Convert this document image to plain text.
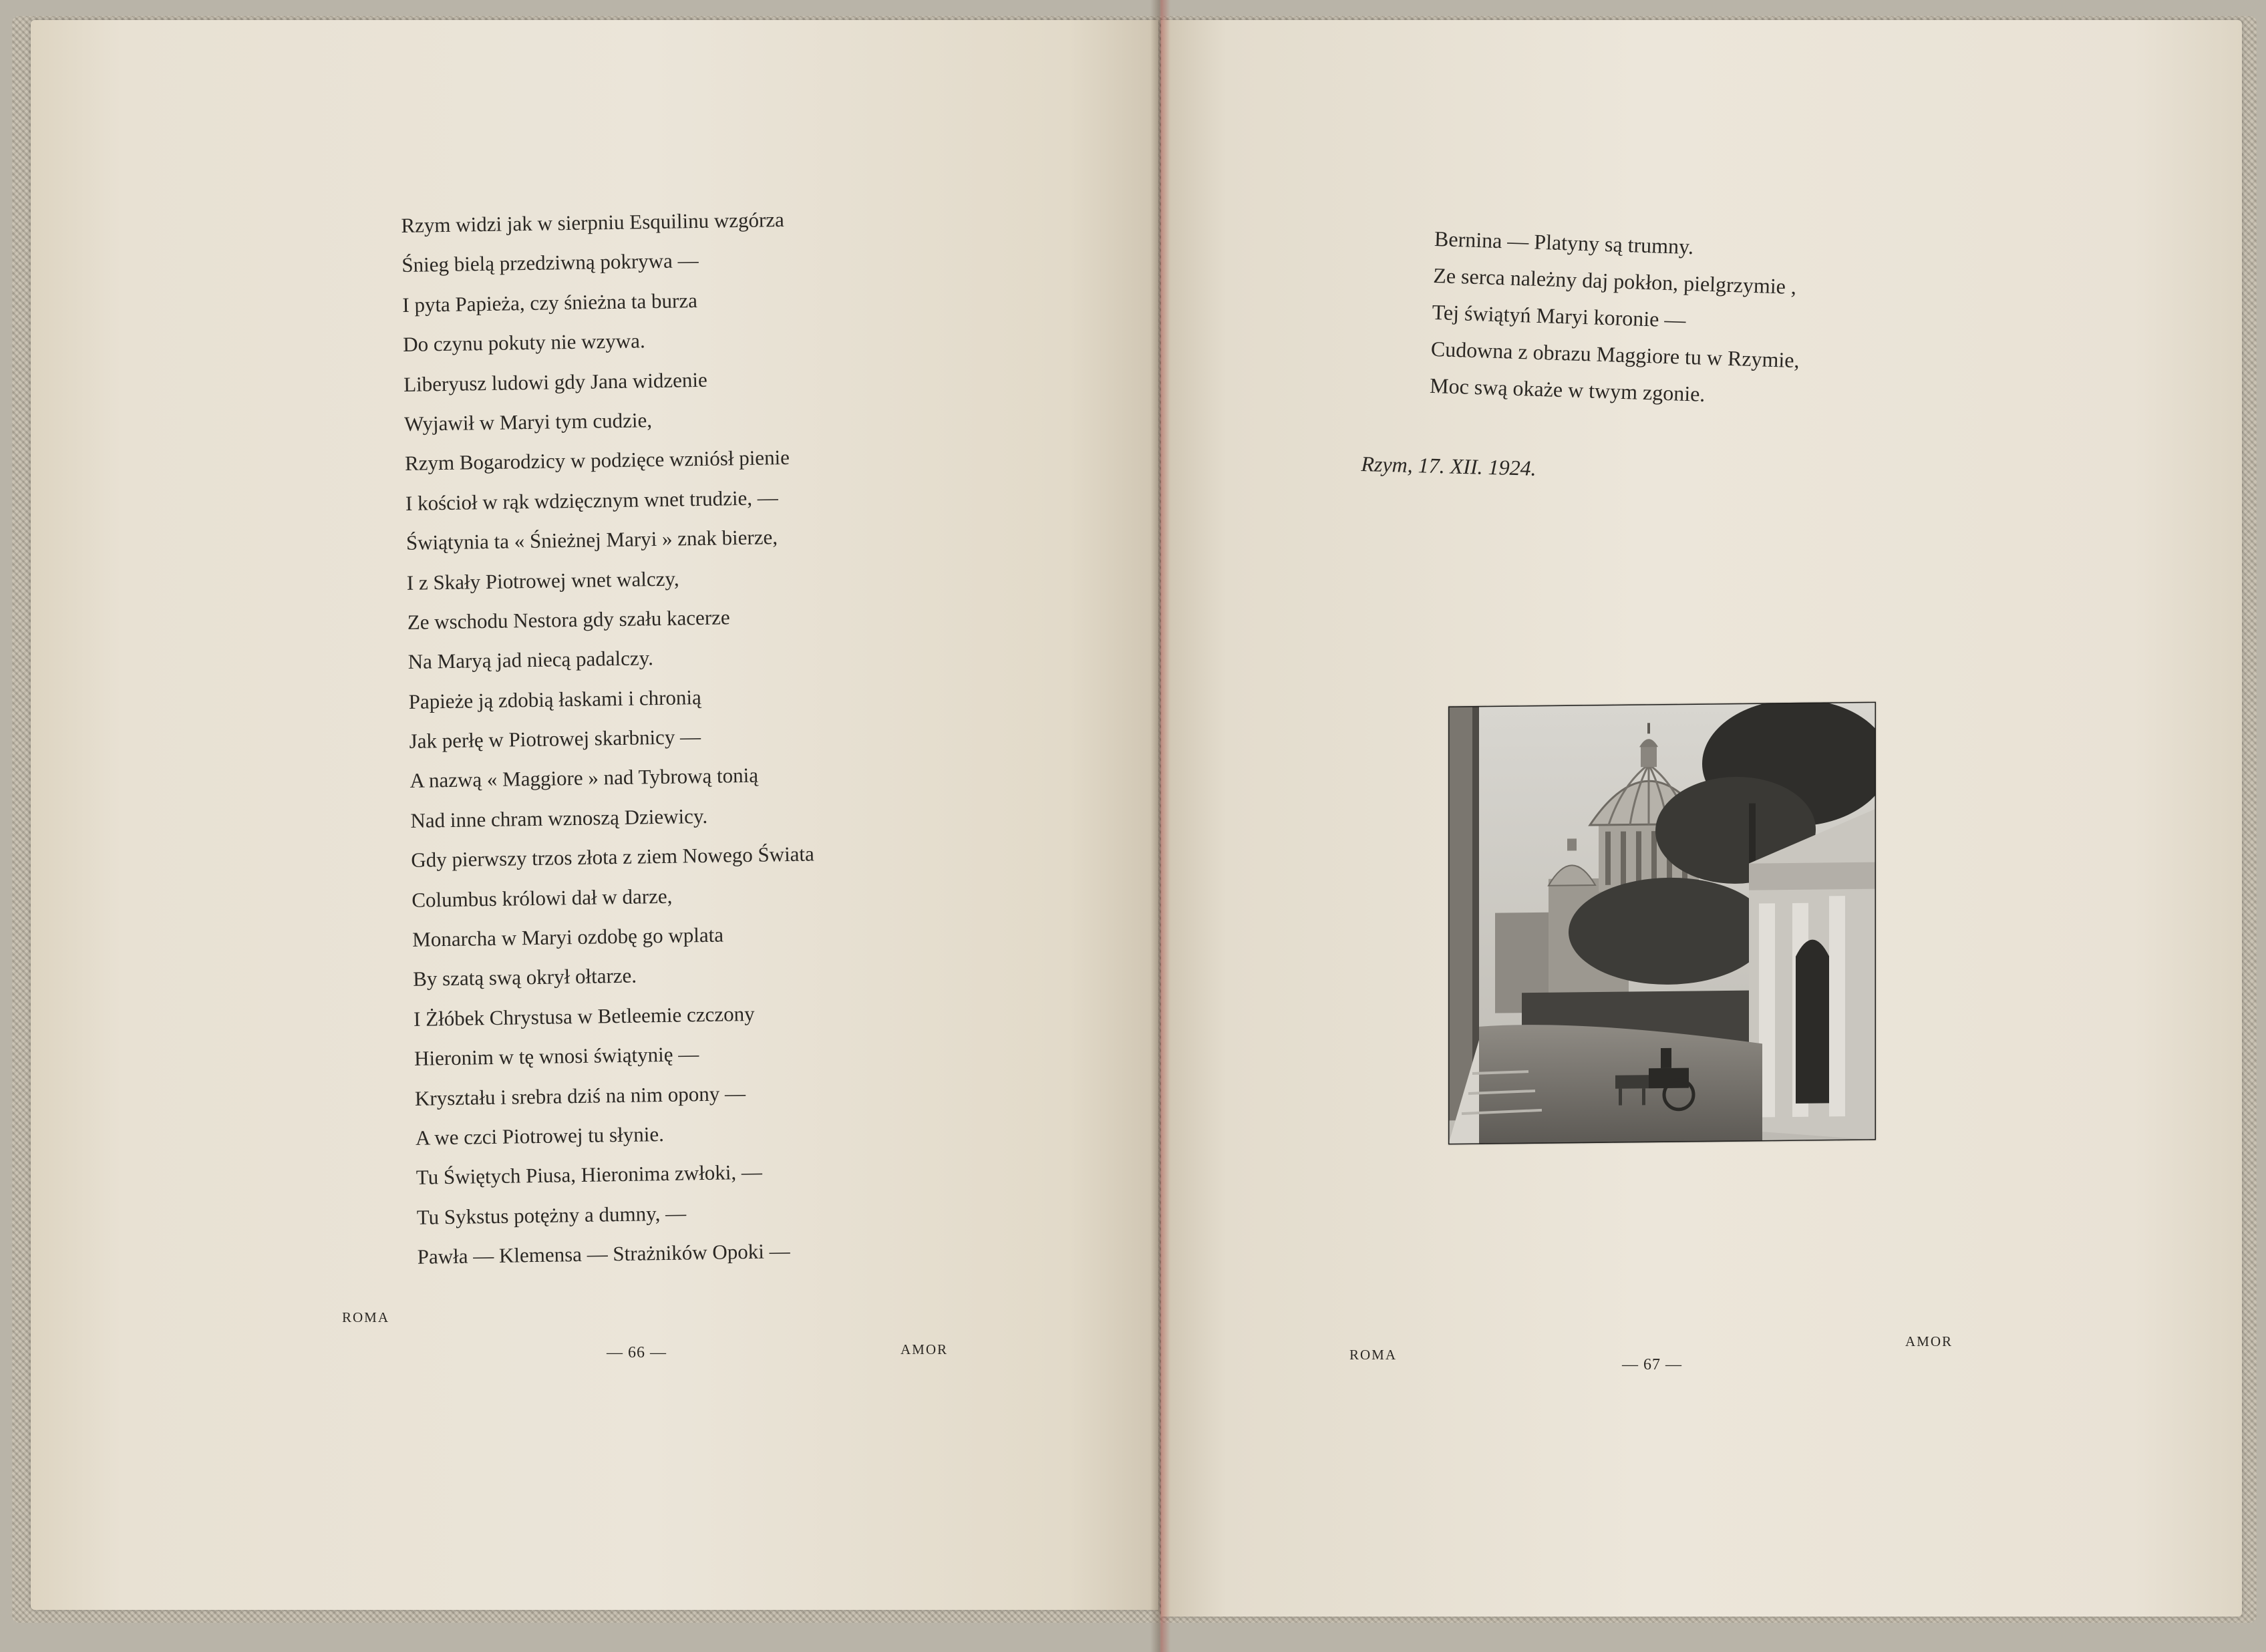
Rzym widzi jak w sierpniu Esquilinu wzgórza
Śnieg bielą przedziwną pokrywa —
I pyta Papieża, czy śnieżna ta burza
Do czynu pokuty nie wzywa.
Liberyusz ludowi gdy Jana widzenie
Wyjawił w Maryi tym cudzie,
Rzym Bogarodzicy w podzięce wzniósł pienie
I kościoł w rąk wdzięcznym wnet trudzie, —
Świątynia ta « Śnieżnej Maryi » znak bierze,
I z Skały Piotrowej wnet walczy,
Ze wschodu Nestora gdy szału kacerze
Na Maryą jad niecą padalczy.
Papieże ją zdobią łaskami i chronią
Jak perłę w Piotrowej skarbnicy —
A nazwą « Maggiore » nad Tybrową tonią
Nad inne chram wznoszą Dziewicy.
Gdy pierwszy trzos złota z ziem Nowego Świata
Columbus królowi dał w darze,
Monarcha w Maryi ozdobę go wplata
By szatą swą okrył ołtarze.
I Żłóbek Chrystusa w Betleemie czczony
Hieronim w tę wnosi świątynię —
Kryształu i srebra dziś na nim opony —
A we czci Piotrowej tu słynie.
Tu Świętych Piusa, Hieronima zwłoki, —
Tu Sykstus potężny a dumny, —
Pawła — Klemensa — Strażników Opoki —
ROMA
— 66 —	AMOR
Bernina — Platyny są trumny.
Ze serca należny daj pokłon, pielgrzymie ,
Tej świątyń Maryi koronie —
Cudowna z obrazu Maggiore tu w Rzymie,
Moc swą okaże w twym zgonie.
Rzym, 17. XII. 1924.
ROMA
— 67 —
AMOR
